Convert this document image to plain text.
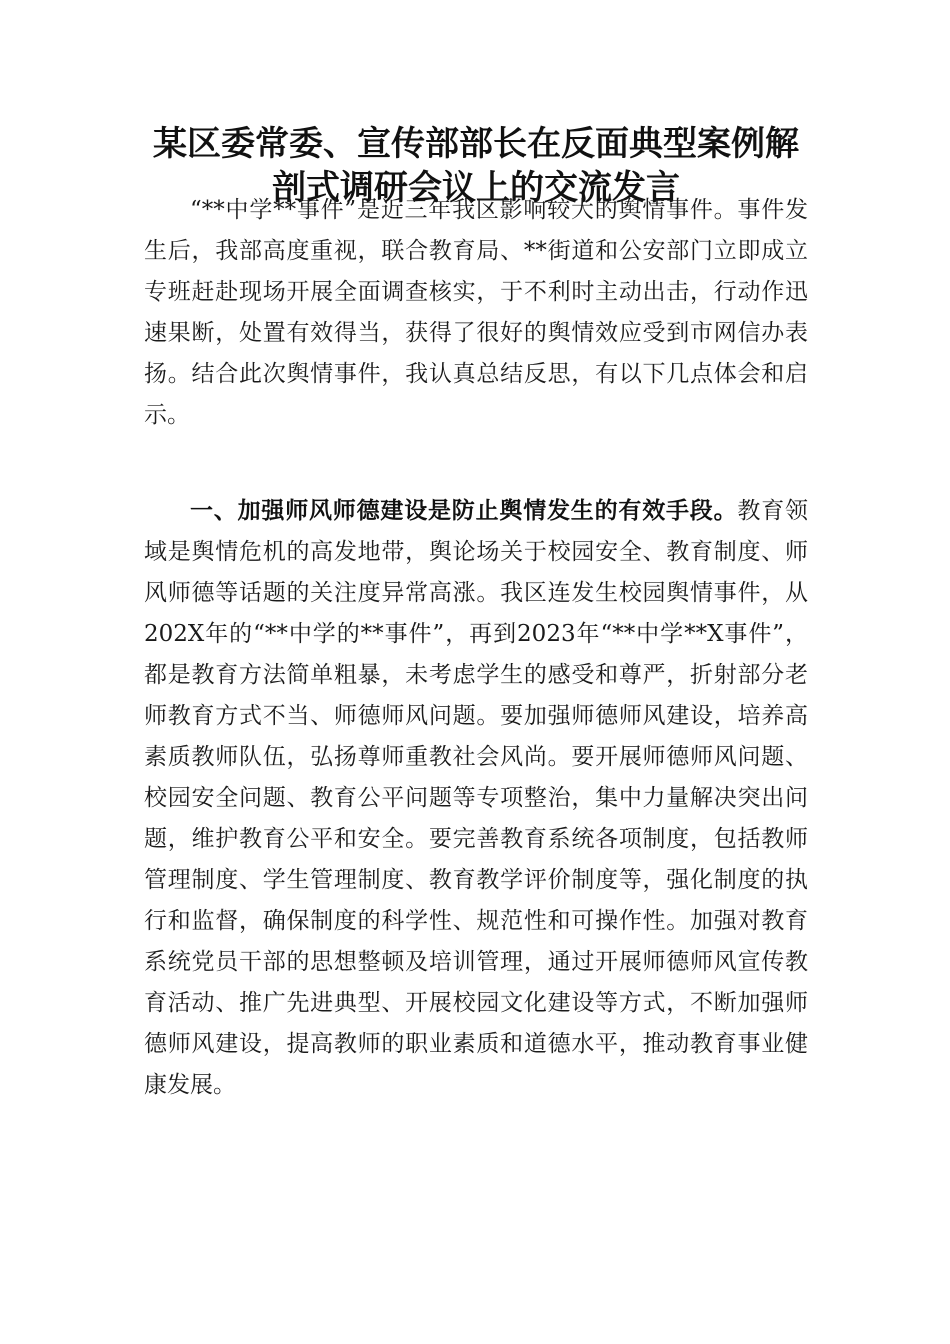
某区委常委、宣传部部长在反面典型案例解剖式调研会议上的交流发言

“**中学**事件”是近三年我区影响较大的舆情事件。事件发生后，我部高度重视，联合教育局、**街道和公安部门立即成立专班赶赴现场开展全面调查核实，于不利时主动出击，行动作迅速果断，处置有效得当，获得了很好的舆情效应受到市网信办表扬。结合此次舆情事件，我认真总结反思，有以下几点体会和启示。

一、加强师风师德建设是防止舆情发生的有效手段。教育领域是舆情危机的高发地带，舆论场关于校园安全、教育制度、师风师德等话题的关注度异常高涨。我区连发生校园舆情事件，从202X年的“**中学的**事件”，再到2023年“**中学**X事件”，都是教育方法简单粗暴，未考虑学生的感受和尊严，折射部分老师教育方式不当、师德师风问题。要加强师德师风建设，培养高素质教师队伍，弘扬尊师重教社会风尚。要开展师德师风问题、校园安全问题、教育公平问题等专项整治，集中力量解决突出问题，维护教育公平和安全。要完善教育系统各项制度，包括教师管理制度、学生管理制度、教育教学评价制度等，强化制度的执行和监督，确保制度的科学性、规范性和可操作性。加强对教育系统党员干部的思想整顿及培训管理，通过开展师德师风宣传教育活动、推广先进典型、开展校园文化建设等方式，不断加强师德师风建设，提高教师的职业素质和道德水平，推动教育事业健康发展。
